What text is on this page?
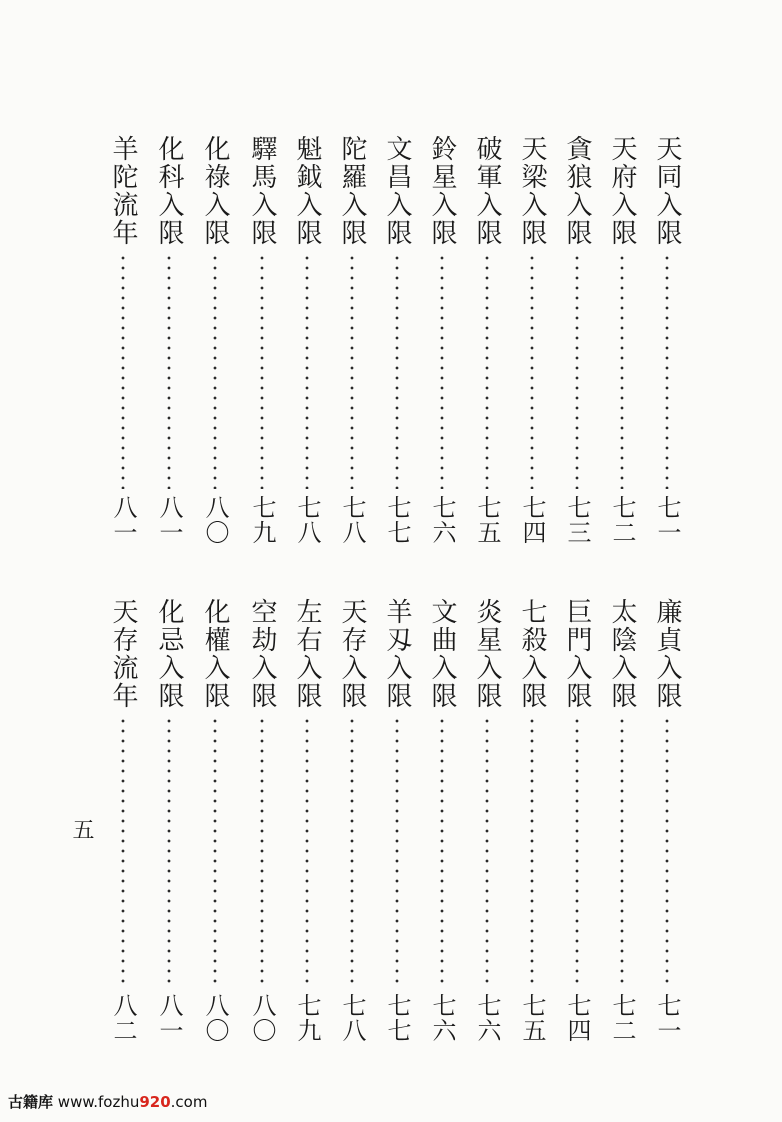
天同入限
七一
天府入限
七二
貪狼入限
七三
天梁入限
七四
破軍入限
七五
鈴星入限
七六
文昌入限
七七
陀羅入限
七八
魁鉞入限
七八
驛馬入限
七九
化祿入限
八〇
化科入限
八一
羊陀流年
八一
廉貞入限
七一
太陰入限
七二
巨門入限
七四
七殺入限
七五
炎星入限
七六
文曲入限
七六
羊刄入限
七七
天存入限
七八
左右入限
七九
空劫入限
八〇
化權入限
八〇
化忌入限
八一
天存流年
八二
五
古籍库 www.fozhu920.com
